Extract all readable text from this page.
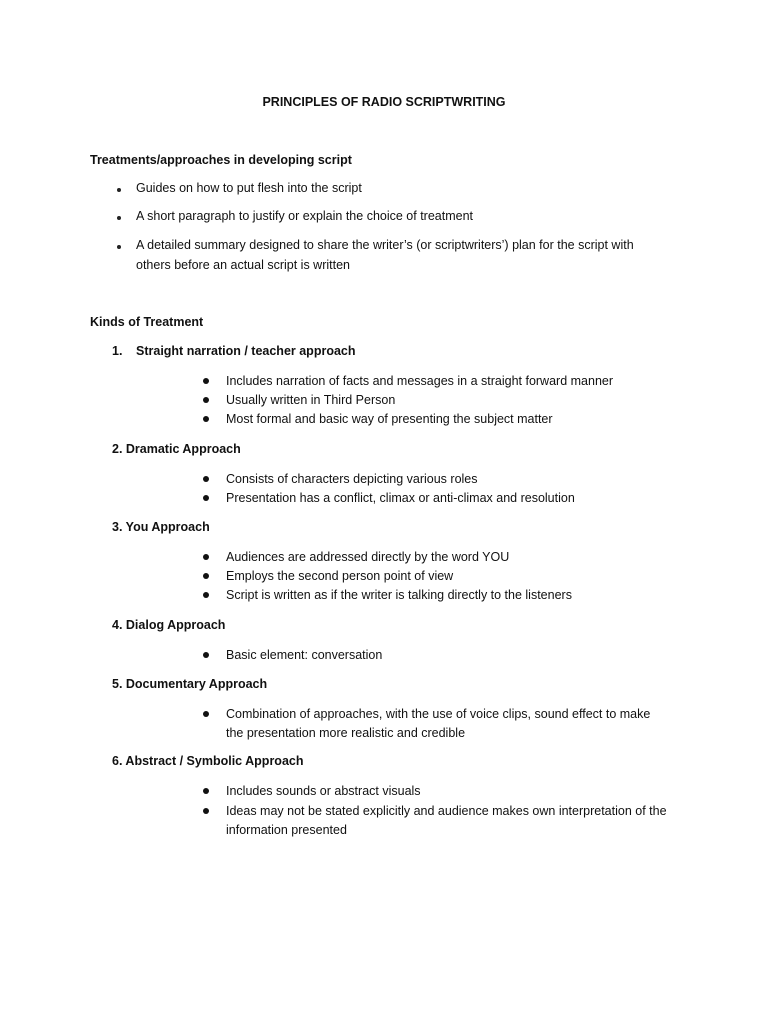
PRINCIPLES OF RADIO SCRIPTWRITING
Treatments/approaches in developing script
Guides on how to put flesh into the script
A short paragraph to justify or explain the choice of treatment
A detailed summary designed to share the writer’s (or scriptwriters’) plan for the script with
others before an actual script is written
Kinds of Treatment
1. Straight narration / teacher approach
Includes narration of facts and messages in a straight forward manner
Usually written in Third Person
Most formal and basic way of presenting the subject matter
2. Dramatic Approach
Consists of characters depicting various roles
Presentation has a conflict, climax or anti-climax and resolution
3. You Approach
Audiences are addressed directly by the word YOU
Employs the second person point of view
Script is written as if the writer is talking directly to the listeners
4. Dialog Approach
Basic element: conversation
5. Documentary Approach
Combination of approaches, with the use of voice clips, sound effect to make
the presentation more realistic and credible
6. Abstract / Symbolic Approach
Includes sounds or abstract visuals
Ideas may not be stated explicitly and audience makes own interpretation of the
information presented
